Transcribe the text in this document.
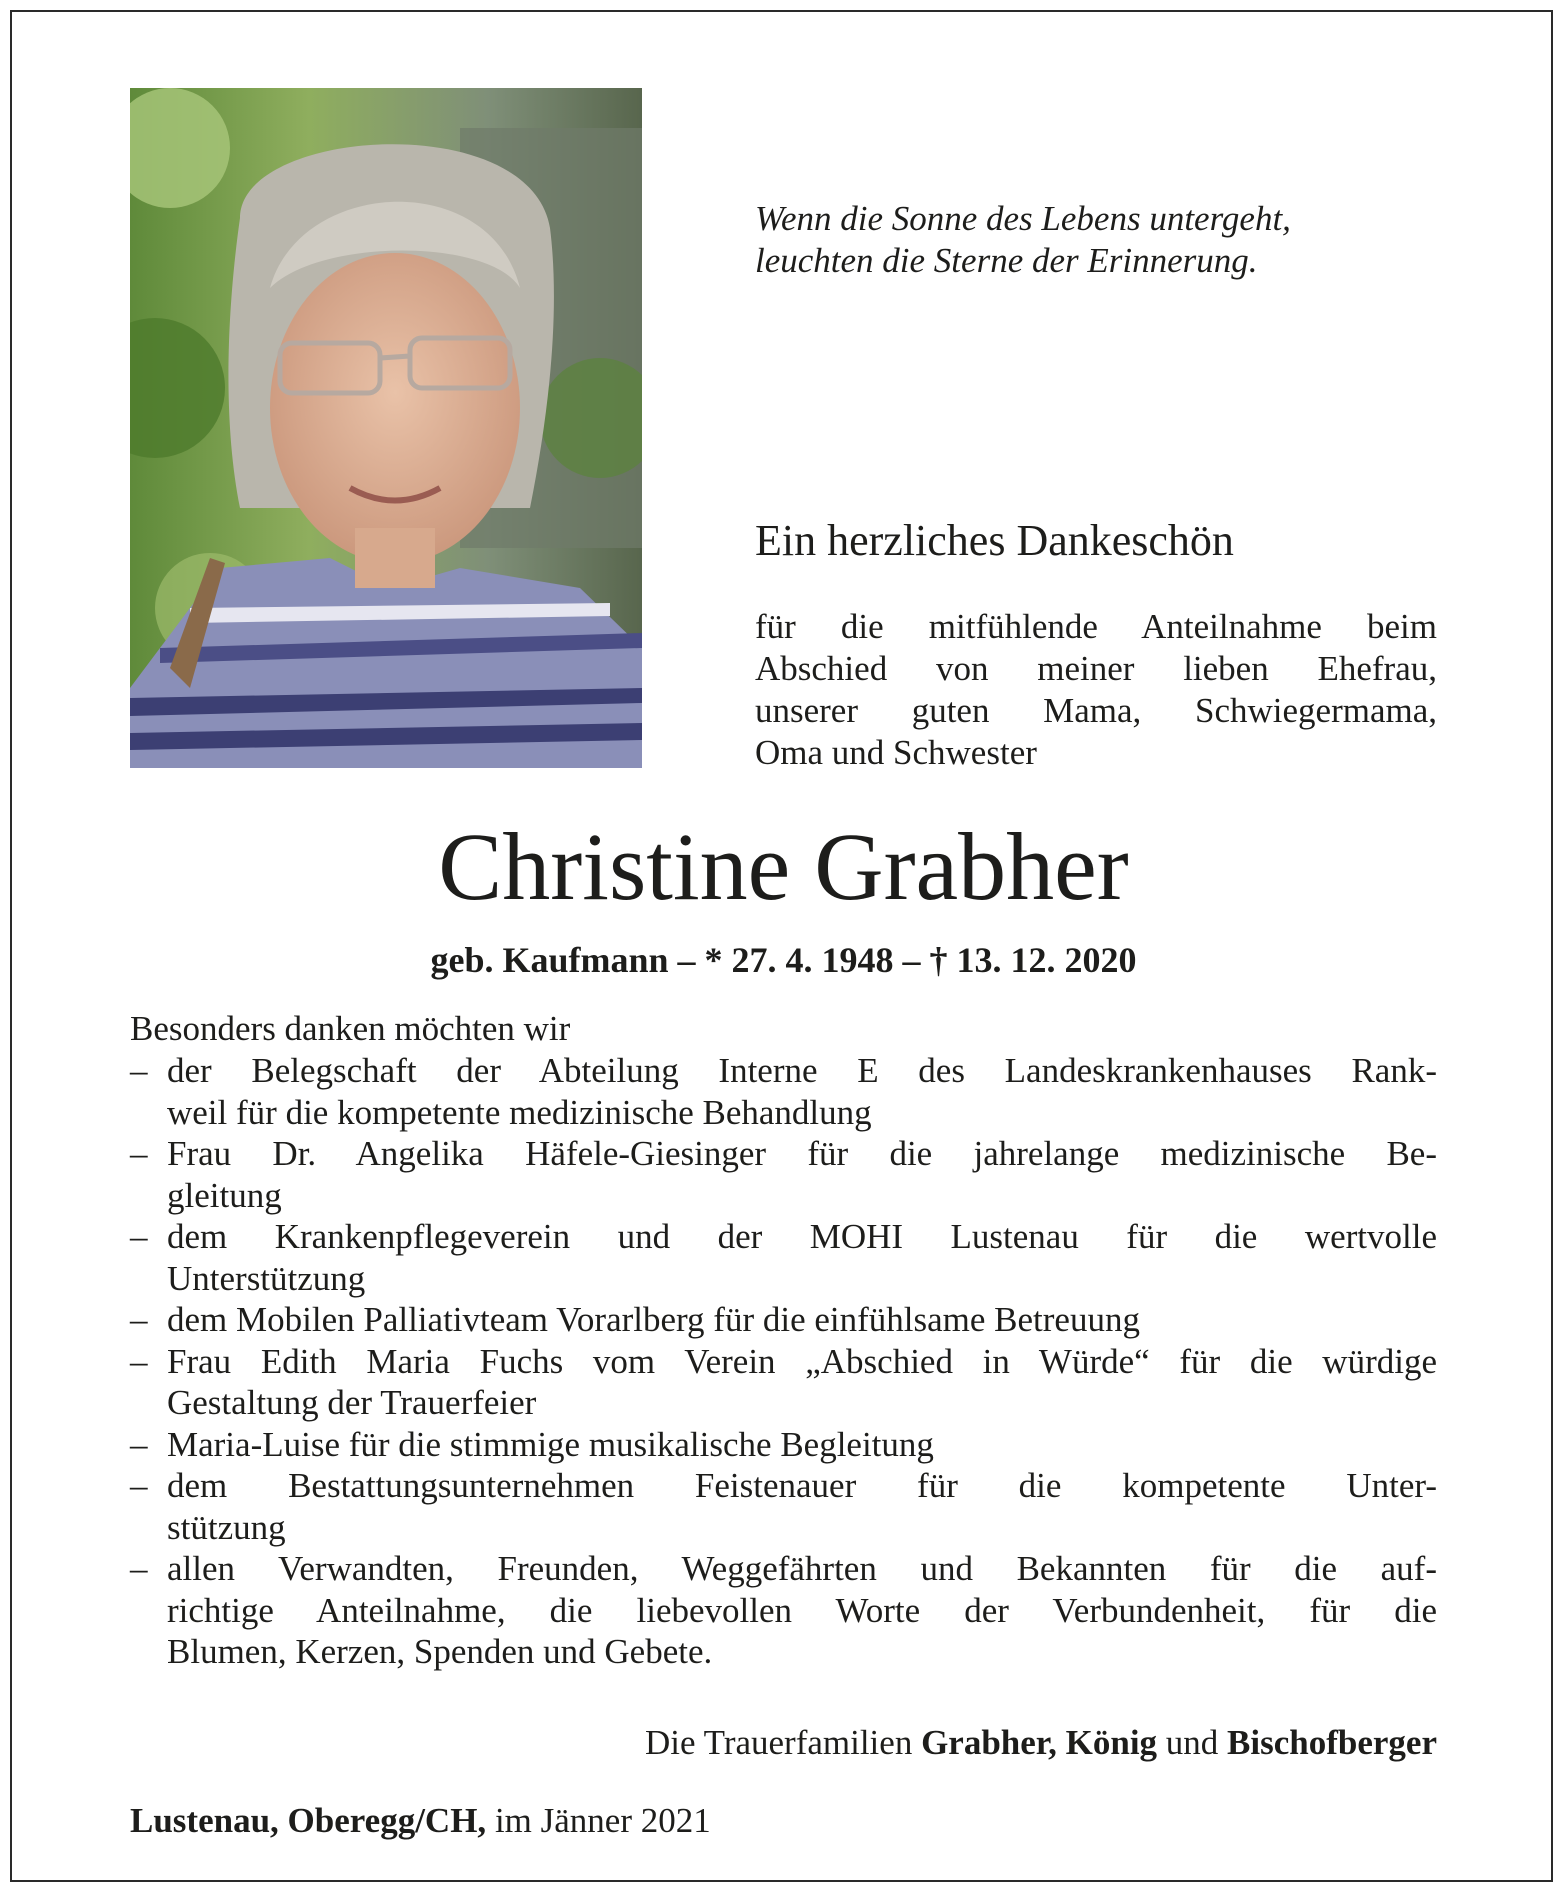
Wenn die Sonne des Lebens untergeht,
leuchten die Sterne der Erinnerung.
Ein herzliches Dankeschön
für die mitfühlende Anteilnahme beim
Abschied von meiner lieben Ehefrau,
unserer guten Mama, Schwiegermama,
Oma und Schwester
Christine Grabher
geb. Kaufmann – * 27. 4. 1948 – † 13. 12. 2020
Besonders danken möchten wir
– der Belegschaft der Abteilung Interne E des Landeskrankenhauses Rank-
weil für die kompetente medizinische Behandlung
– Frau Dr. Angelika Häfele-Giesinger für die jahrelange medizinische Be-
gleitung
– dem Krankenpflegeverein und der MOHI Lustenau für die wertvolle
Unterstützung
– dem Mobilen Palliativteam Vorarlberg für die einfühlsame Betreuung
– Frau Edith Maria Fuchs vom Verein „Abschied in Würde“ für die würdige
Gestaltung der Trauerfeier
– Maria-Luise für die stimmige musikalische Begleitung
– dem Bestattungsunternehmen Feistenauer für die kompetente Unter-
stützung
– allen Verwandten, Freunden, Weggefährten und Bekannten für die auf-
richtige Anteilnahme, die liebevollen Worte der Verbundenheit, für die
Blumen, Kerzen, Spenden und Gebete.
Die Trauerfamilien Grabher, König und Bischofberger
Lustenau, Oberegg/CH, im Jänner 2021
